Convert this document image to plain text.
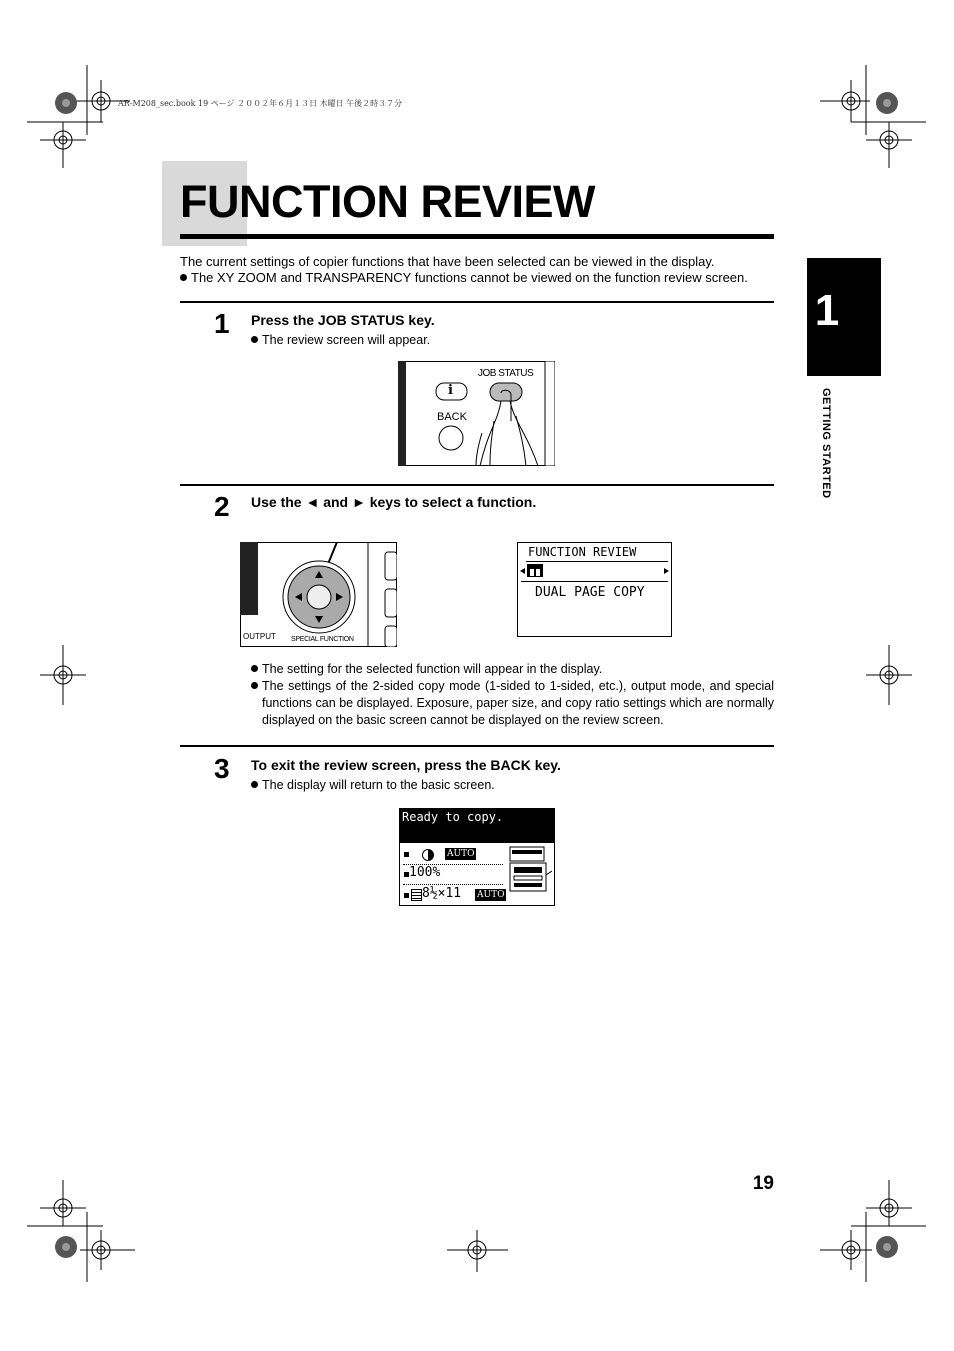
AR-M208_sec.book 19 ページ ２００２年６月１３日 木曜日 午後２時３７分
FUNCTION REVIEW
The current settings of copier functions that have been selected can be viewed in the display.
The XY ZOOM and TRANSPARENCY functions cannot be viewed on the function review screen.
1 Press the JOB STATUS key.
The review screen will appear.
i
JOB STATUS
BACK
2 Use the ◄ and ► keys to select a function.
OUTPUT SPECIAL FUNCTION
FUNCTION REVIEW
DUAL PAGE COPY
The setting for the selected function will appear in the display.
The settings of the 2-sided copy mode (1-sided to 1-sided, etc.), output mode, and special functions can be displayed. Exposure, paper size, and copy ratio settings which are normally displayed on the basic screen cannot be displayed on the review screen.
3 To exit the review screen, press the BACK key.
The display will return to the basic screen.
Ready to copy.
AUTO
100%
8½×11 AUTO
1
GETTING STARTED
19
